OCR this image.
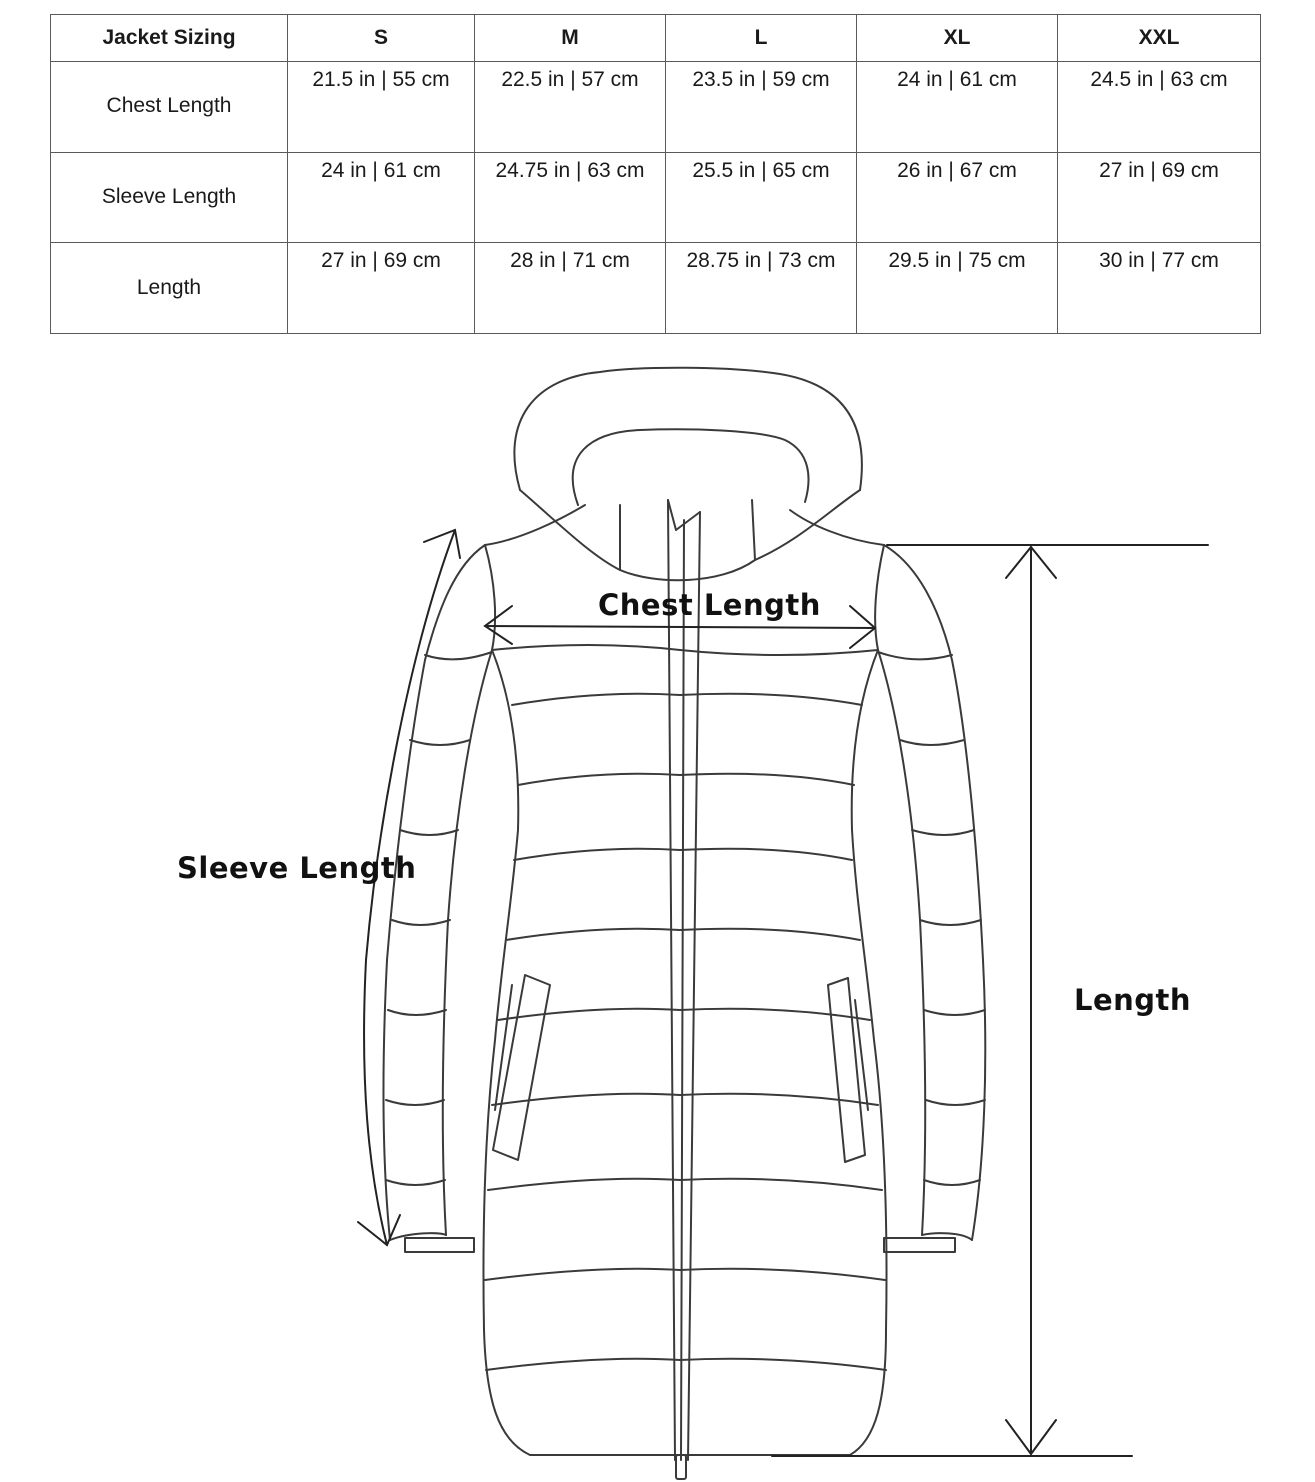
Jacket Sizing	S	M	L	XL	XXL
Chest Length	21.5 in | 55 cm	22.5 in | 57 cm	23.5 in | 59 cm	24 in | 61 cm	24.5 in | 63 cm
Sleeve Length	24 in | 61 cm	24.75 in | 63 cm	25.5 in | 65 cm	26 in | 67 cm	27 in | 69 cm
Length	27 in | 69 cm	28 in | 71 cm	28.75 in | 73 cm	29.5 in | 75 cm	30 in | 77 cm
Chest Length
Sleeve Length
Length
